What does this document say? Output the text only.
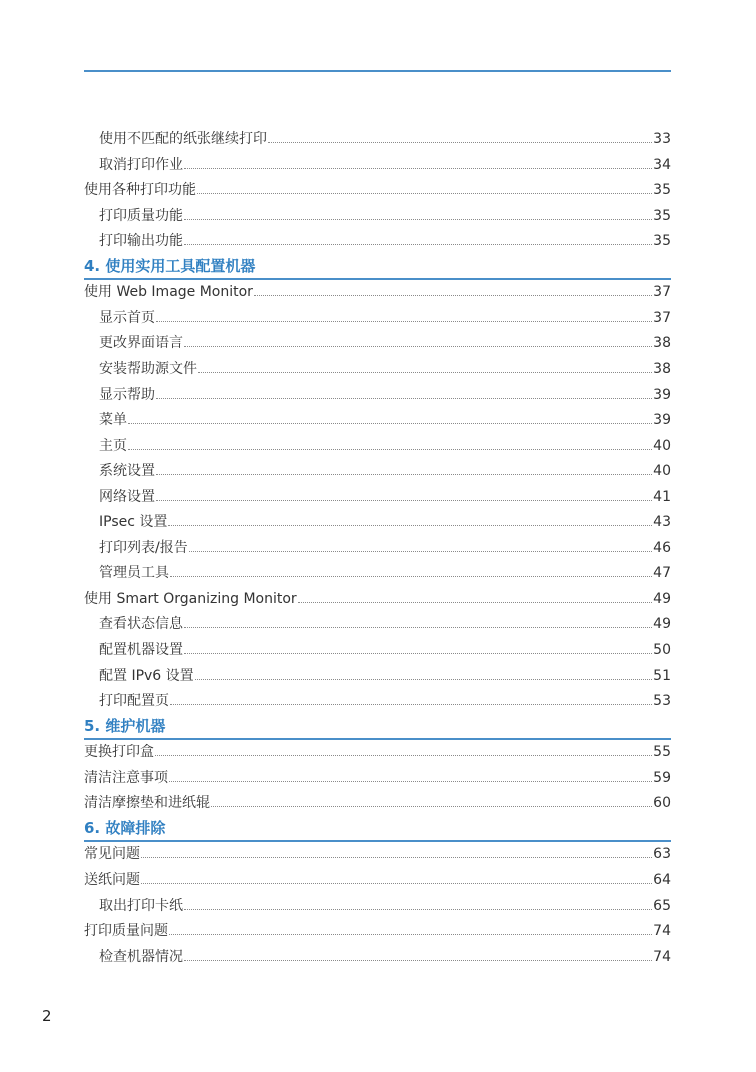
使用不匹配的纸张继续打印	33
取消打印作业	34
使用各种打印功能	35
打印质量功能	35
打印输出功能	35
4. 使用实用工具配置机器
使用 Web Image Monitor	37
显示首页	37
更改界面语言	38
安装帮助源文件	38
显示帮助	39
菜单	39
主页	40
系统设置	40
网络设置	41
IPsec 设置	43
打印列表/报告	46
管理员工具	47
使用 Smart Organizing Monitor	49
查看状态信息	49
配置机器设置	50
配置 IPv6 设置	51
打印配置页	53
5. 维护机器
更换打印盒	55
清洁注意事项	59
清洁摩擦垫和进纸辊	60
6. 故障排除
常见问题	63
送纸问题	64
取出打印卡纸	65
打印质量问题	74
检查机器情况	74
2
